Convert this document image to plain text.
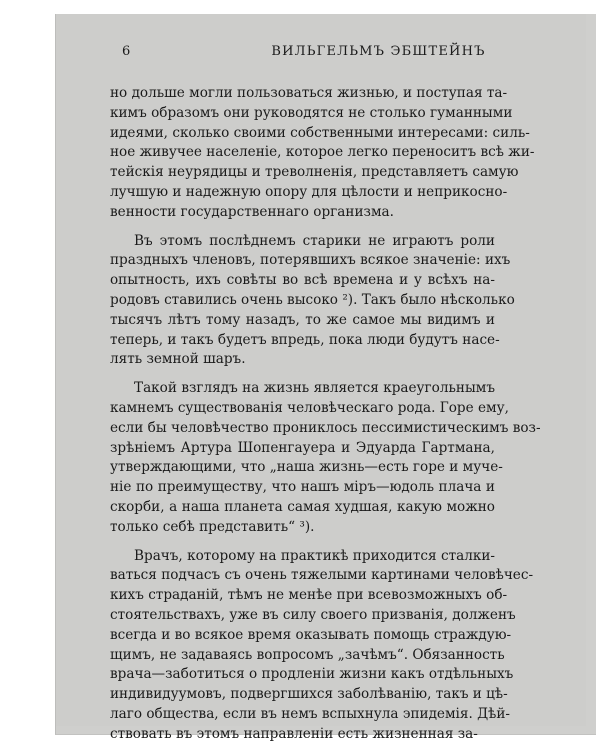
6	ВИЛЬГЕЛЬМЪ ЭБШТЕЙНЪ
но дольше могли пользоваться жизнью, и поступая та-
кимъ образомъ они руководятся не столько гуманными
идеями, сколько своими собственными интересами: силь-
ное живучее населеніе, которое легко переноситъ всѣ жи-
тейскія неурядицы и треволненія, представляетъ самую
лучшую и надежную опору для цѣлости и неприкосно-
венности государственнаго организма.
Въ этомъ послѣднемъ старики не играютъ роли
праздныхъ членовъ, потерявшихъ всякое значеніе: ихъ
опытность, ихъ совѣты во всѣ времена и у всѣхъ на-
родовъ ставились очень высоко ²). Такъ было нѣсколько
тысячъ лѣтъ тому назадъ, то же самое мы видимъ и
теперь, и такъ будетъ впредь, пока люди будутъ насе-
лять земной шаръ.
Такой взглядъ на жизнь является краеугольнымъ
камнемъ существованія человѣческаго рода. Горе ему,
если бы человѣчество прониклось пессимистическимъ воз-
зрѣніемъ Артура Шопенгауера и Эдуарда Гартмана,
утверждающими, что „наша жизнь—есть горе и муче-
ніе по преимуществу, что нашъ міръ—юдоль плача и
скорби, а наша планета самая худшая, какую можно
только себѣ представить“ ³).
Врачъ, которому на практикѣ приходится сталки-
ваться подчасъ съ очень тяжелыми картинами человѣчес-
кихъ страданій, тѣмъ не менѣе при всевозможныхъ об-
стоятельствахъ, уже въ силу своего призванія, долженъ
всегда и во всякое время оказывать помощь страждую-
щимъ, не задаваясь вопросомъ „зачѣмъ“. Обязанность
врача—заботиться о продленіи жизни какъ отдѣльныхъ
индивидуумовъ, подвергшихся заболѣванію, такъ и цѣ-
лаго общества, если въ немъ вспыхнула эпидемія. Дѣй-
ствовать въ этомъ направленіи есть жизненная за-
